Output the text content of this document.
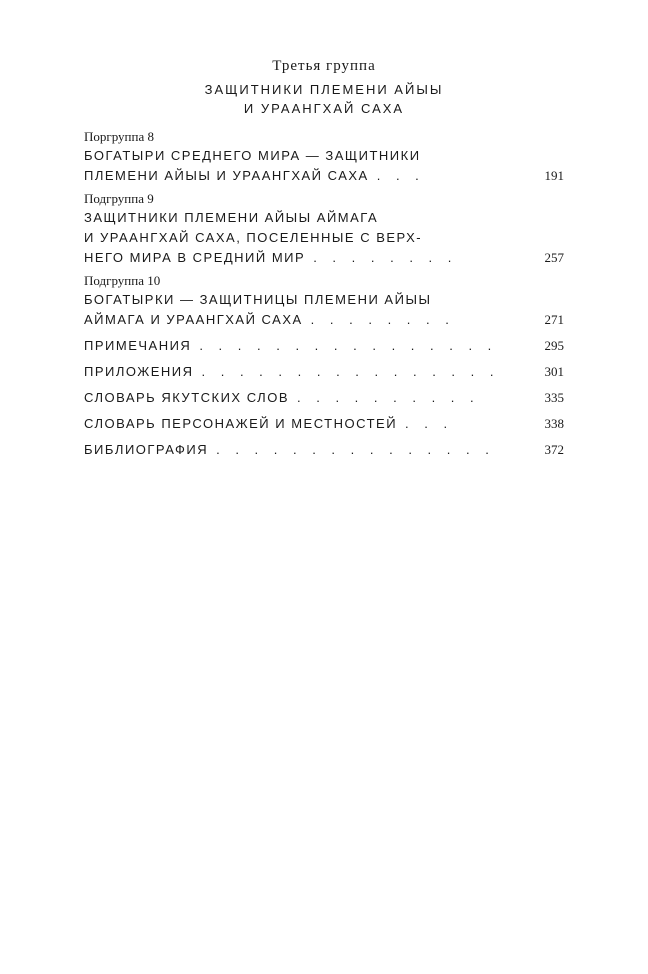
Третья группа
ЗАЩИТНИКИ ПЛЕМЕНИ АЙЫЫ
И УРААНГХАЙ САХА
Поргруппа 8
БОГАТЫРИ СРЕДНЕГО МИРА — ЗАЩИТНИКИ
ПЛЕМЕНИ АЙЫЫ И УРААНГХАЙ САХА . . .	191
Подгруппа 9
ЗАЩИТНИКИ ПЛЕМЕНИ АЙЫЫ АЙМАГА
И УРААНГХАЙ САХА, ПОСЕЛЕННЫЕ С ВЕРХ-
НЕГО МИРА В СРЕДНИЙ МИР . . . . . . . .	257
Подгруппа 10
БОГАТЫРКИ — ЗАЩИТНИЦЫ ПЛЕМЕНИ АЙЫЫ
АЙМАГА И УРААНГХАЙ САХА . . . . . . . .	271
ПРИМЕЧАНИЯ . . . . . . . . . . . . . . . .	295
ПРИЛОЖЕНИЯ . . . . . . . . . . . . . . . .	301
СЛОВАРЬ ЯКУТСКИХ СЛОВ . . . . . . . . . .	335
СЛОВАРЬ ПЕРСОНАЖЕЙ И МЕСТНОСТЕЙ . . .	338
БИБЛИОГРАФИЯ . . . . . . . . . . . . . . .	372
